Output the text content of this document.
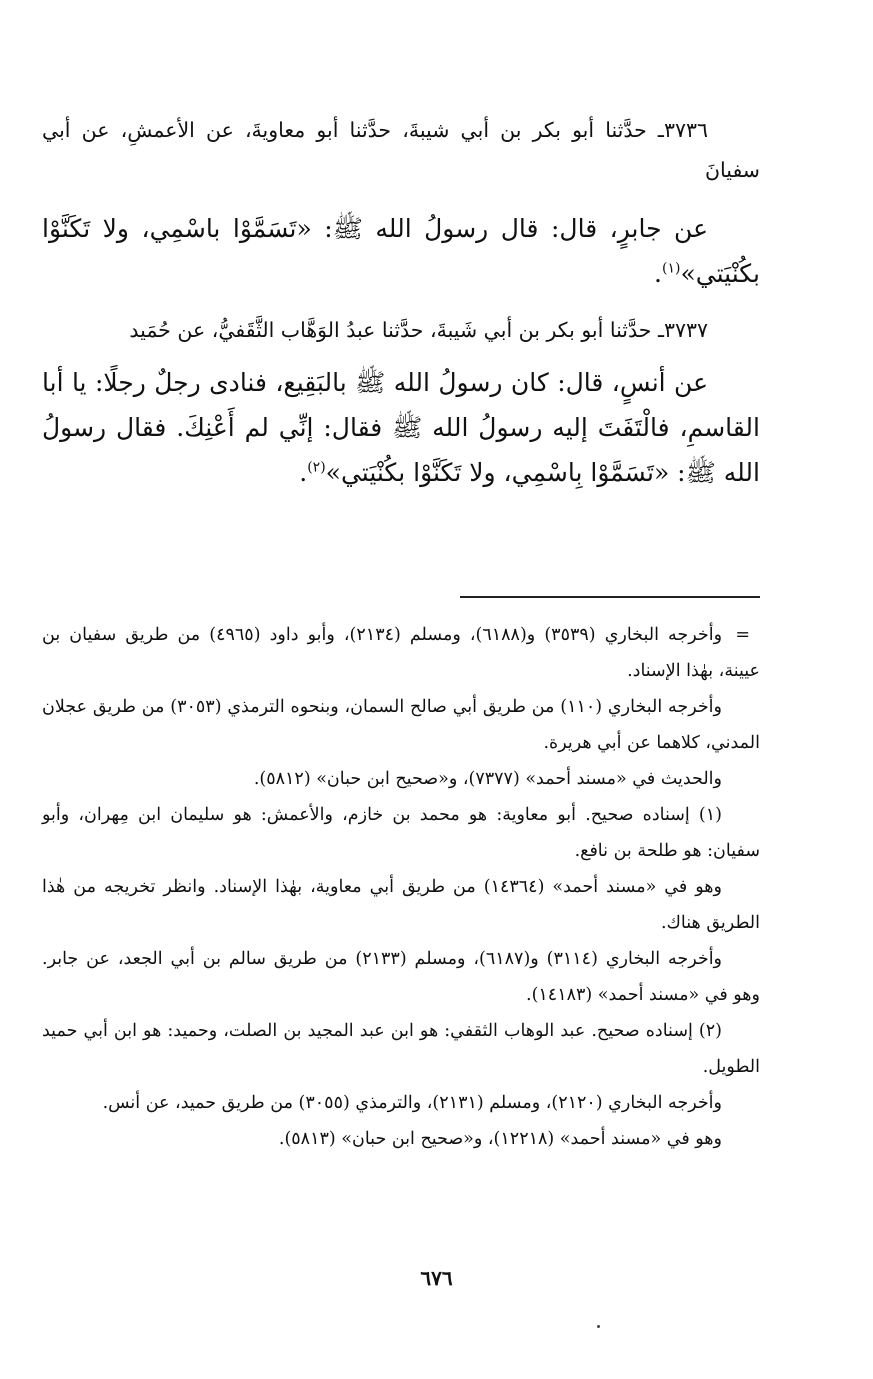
٣٧٣٦ـ حدَّثنا أبو بكر بن أبي شيبةَ، حدَّثنا أبو معاويةَ، عن الأعمشِ، عن أبي سفيانَ

عن جابرٍ، قال: قال رسولُ الله ﷺ: «تَسَمَّوْا باسْمِي، ولا تَكَنَّوْا بكُنْيَتي»$^{(١)}$.

٣٧٣٧ـ حدَّثنا أبو بكر بن أبي شَيبةَ، حدَّثنا عبدُ الوَهَّاب الثَّقَفيُّ، عن حُمَيد

عن أنسٍ، قال: كان رسولُ الله ﷺ بالبَقِيع، فنادى رجلٌ رجلًا: يا أبا القاسمِ، فالْتَفَتَ إليه رسولُ الله ﷺ فقال: إنِّي لم أَعْنِكَ. فقال رسولُ الله ﷺ: «تَسَمَّوْا بِاسْمِي، ولا تَكَنَّوْا بكُنْيَتي»$^{(٢)}$.

= وأخرجه البخاري (٣٥٣٩) و(٦١٨٨)، ومسلم (٢١٣٤)، وأبو داود (٤٩٦٥) من طريق سفيان بن عيينة، بهٰذا الإسناد.

وأخرجه البخاري (١١٠) من طريق أبي صالح السمان، وبنحوه الترمذي (٣٠٥٣) من طريق عجلان المدني، كلاهما عن أبي هريرة.

والحديث في «مسند أحمد» (٧٣٧٧)، و«صحيح ابن حبان» (٥٨١٢).

(١) إسناده صحيح. أبو معاوية: هو محمد بن خازم، والأعمش: هو سليمان ابن مِهران، وأبو سفيان: هو طلحة بن نافع.

وهو في «مسند أحمد» (١٤٣٦٤) من طريق أبي معاوية، بهٰذا الإسناد. وانظر تخريجه من هٰذا الطريق هناك.

وأخرجه البخاري (٣١١٤) و(٦١٨٧)، ومسلم (٢١٣٣) من طريق سالم بن أبي الجعد، عن جابر. وهو في «مسند أحمد» (١٤١٨٣).

(٢) إسناده صحيح. عبد الوهاب الثقفي: هو ابن عبد المجيد بن الصلت، وحميد: هو ابن أبي حميد الطويل.

وأخرجه البخاري (٢١٢٠)، ومسلم (٢١٣١)، والترمذي (٣٠٥٥) من طريق حميد، عن أنس.

وهو في «مسند أحمد» (١٢٢١٨)، و«صحيح ابن حبان» (٥٨١٣).

٦٧٦
